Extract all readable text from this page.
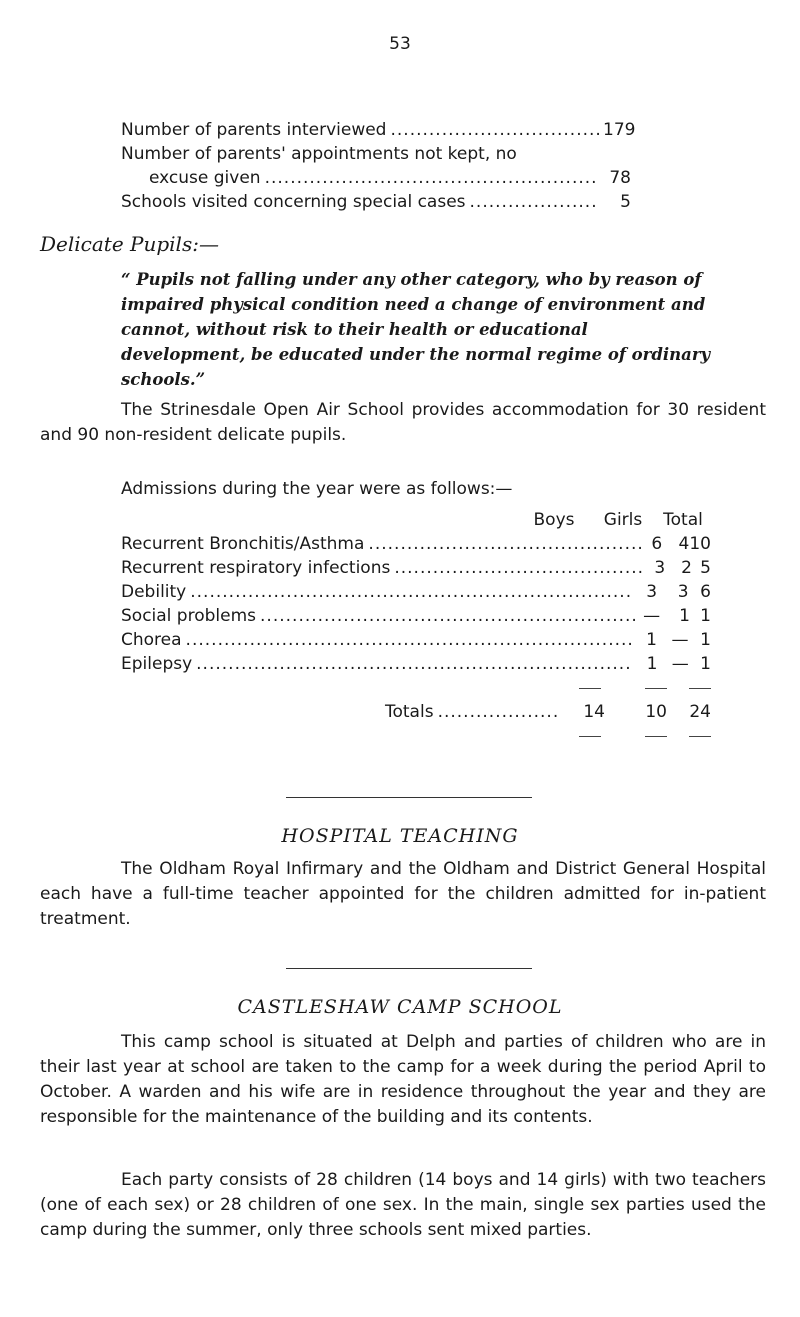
53
Number of parents interviewed .....	179
Number of parents' appointments not kept, no
excuse given .....	78
Schools visited concerning special cases .....	5
Delicate Pupils:—

“ Pupils not falling under any other category, who by reason of impaired physical condition need a change of environment and cannot, without risk to their health or educational development, be educated under the normal regime of ordinary schools.”

The Strinesdale Open Air School provides accommodation for 30 resident and 90 non-resident delicate pupils.

Admissions during the year were as follows:—
Boys	Girls	Total
Recurrent Bronchitis/Asthma .....	6 4 10
Recurrent respiratory infections .....	3 2 5
Debility .....	3	3 6
Social problems .....	—	1 1
Chorea .....	1 — 1
Epilepsy .....	1 — 1
Totals .....	14	10	24
HOSPITAL TEACHING

The Oldham Royal Infirmary and the Oldham and District General Hospital each have a full-time teacher appointed for the children admitted for in-patient treatment.

CASTLESHAW CAMP SCHOOL

This camp school is situated at Delph and parties of children who are in their last year at school are taken to the camp for a week during the period April to October. A warden and his wife are in residence throughout the year and they are responsible for the maintenance of the building and its contents.

Each party consists of 28 children (14 boys and 14 girls) with two teachers (one of each sex) or 28 children of one sex. In the main, single sex parties used the camp during the summer, only three schools sent mixed parties.
